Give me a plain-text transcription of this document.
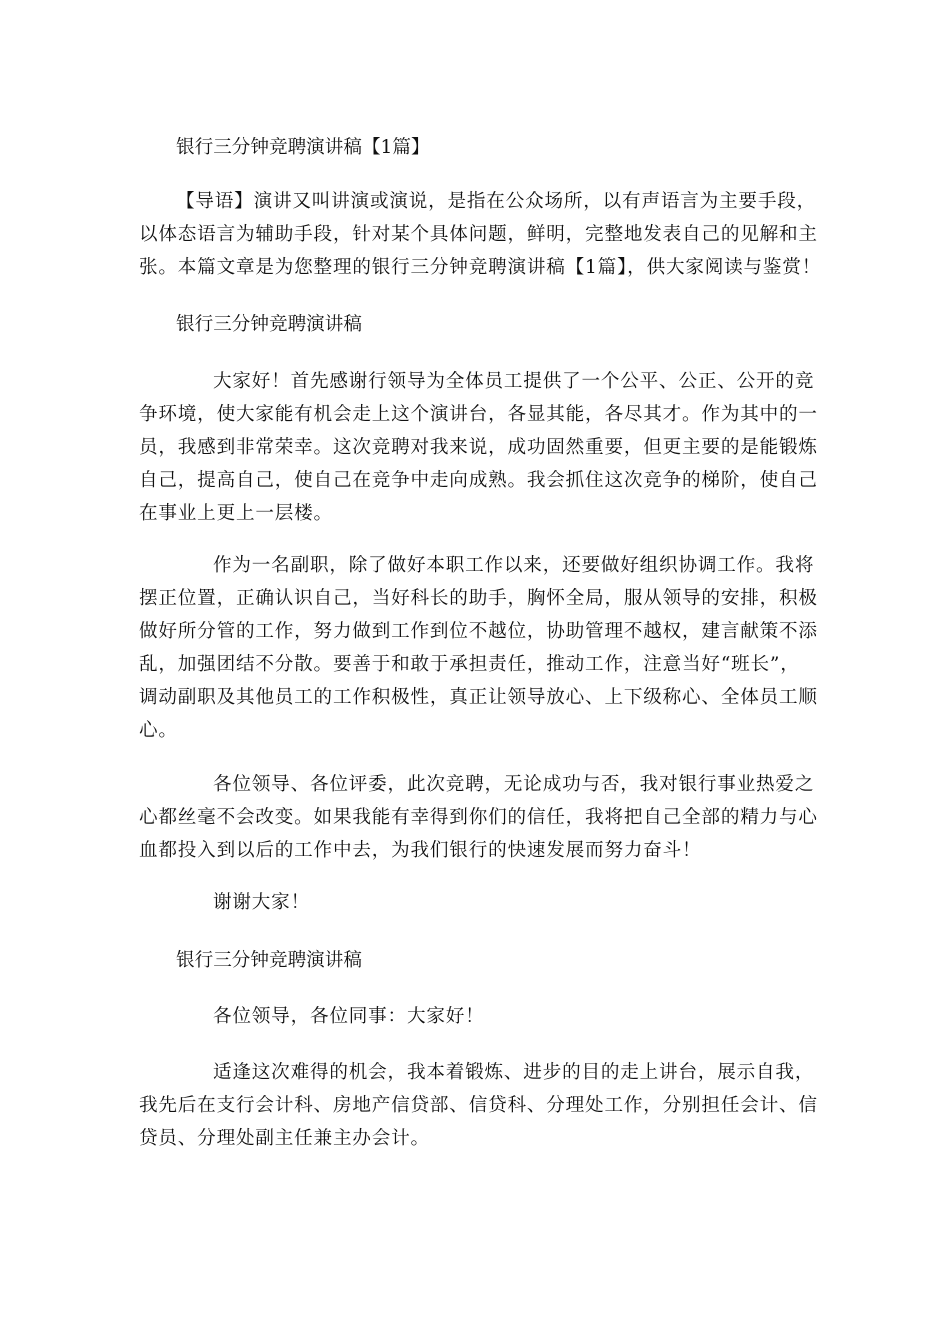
银行三分钟竞聘演讲稿【1篇】

【导语】演讲又叫讲演或演说，是指在公众场所，以有声语言为主要手段，
以体态语言为辅助手段，针对某个具体问题，鲜明，完整地发表自己的见解和主
张。本篇文章是为您整理的银行三分钟竞聘演讲稿【1篇】，供大家阅读与鉴赏！

银行三分钟竞聘演讲稿

大家好！首先感谢行领导为全体员工提供了一个公平、公正、公开的竞
争环境，使大家能有机会走上这个演讲台，各显其能，各尽其才。作为其中的一
员，我感到非常荣幸。这次竞聘对我来说，成功固然重要，但更主要的是能锻炼
自己，提高自己，使自己在竞争中走向成熟。我会抓住这次竞争的梯阶，使自己
在事业上更上一层楼。
作为一名副职，除了做好本职工作以来，还要做好组织协调工作。我将
摆正位置，正确认识自己，当好科长的助手，胸怀全局，服从领导的安排，积极
做好所分管的工作，努力做到工作到位不越位，协助管理不越权，建言献策不添
乱，加强团结不分散。要善于和敢于承担责任，推动工作，注意当好“班长”，
调动副职及其他员工的工作积极性，真正让领导放心、上下级称心、全体员工顺
心。
各位领导、各位评委，此次竞聘，无论成功与否，我对银行事业热爱之
心都丝毫不会改变。如果我能有幸得到你们的信任，我将把自己全部的精力与心
血都投入到以后的工作中去，为我们银行的快速发展而努力奋斗！
谢谢大家！

银行三分钟竞聘演讲稿

各位领导，各位同事：大家好！
适逢这次难得的机会，我本着锻炼、进步的目的走上讲台，展示自我，
我先后在支行会计科、房地产信贷部、信贷科、分理处工作，分别担任会计、信
贷员、分理处副主任兼主办会计。
